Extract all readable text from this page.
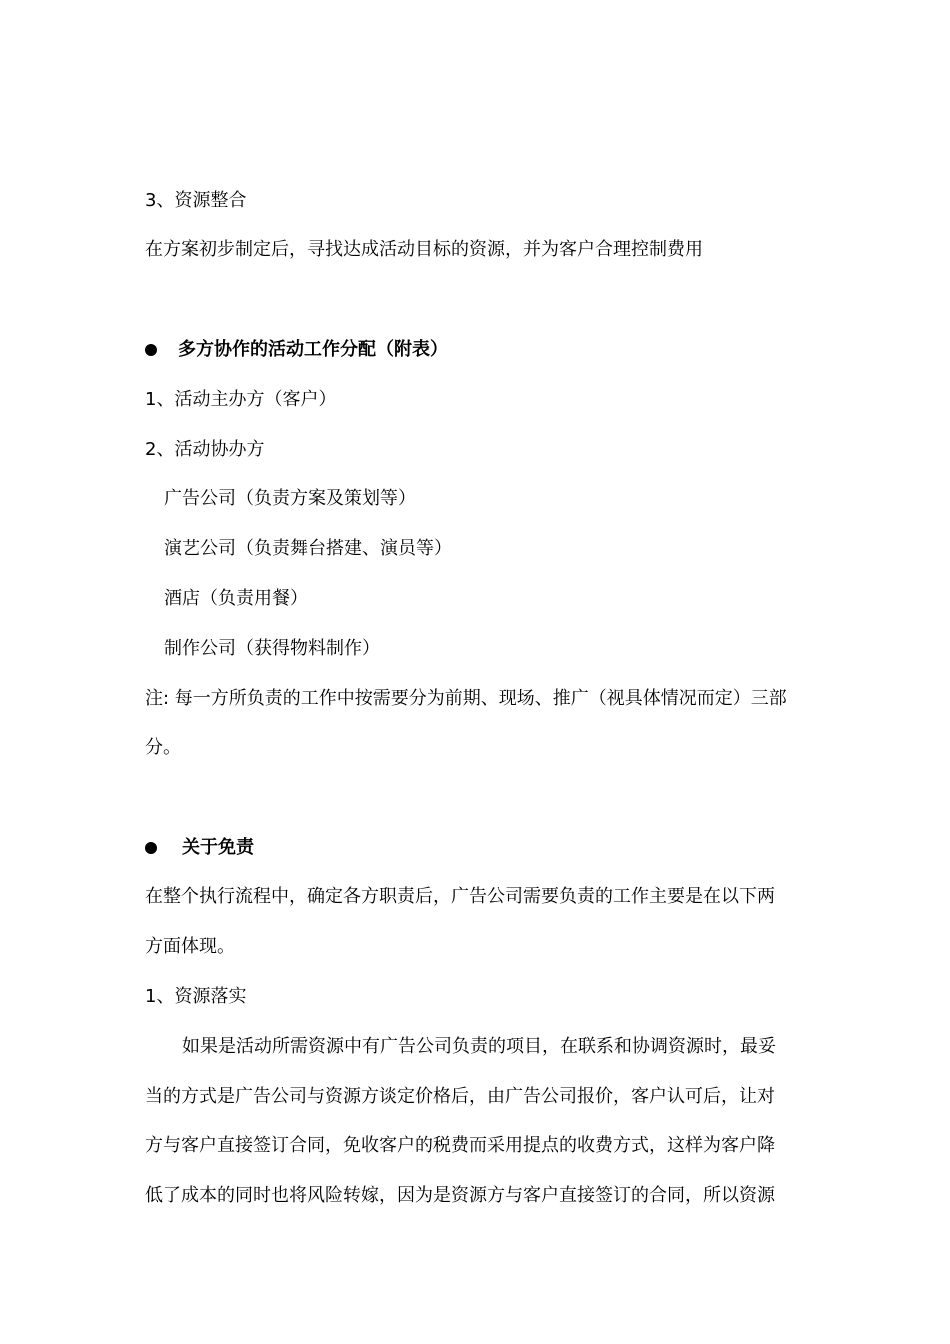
3、资源整合
在方案初步制定后，寻找达成活动目标的资源，并为客户合理控制费用
多方协作的活动工作分配（附表）
1、活动主办方（客户）
2、活动协办方
广告公司（负责方案及策划等）
演艺公司（负责舞台搭建、演员等）
酒店（负责用餐）
制作公司（获得物料制作）
注: 每一方所负责的工作中按需要分为前期、现场、推广（视具体情况而定）三部
分。
关于免责
在整个执行流程中，确定各方职责后，广告公司需要负责的工作主要是在以下两
方面体现。
1、资源落实
如果是活动所需资源中有广告公司负责的项目，在联系和协调资源时，最妥
当的方式是广告公司与资源方谈定价格后，由广告公司报价，客户认可后，让对
方与客户直接签订合同，免收客户的税费而采用提点的收费方式，这样为客户降
低了成本的同时也将风险转嫁，因为是资源方与客户直接签订的合同，所以资源
